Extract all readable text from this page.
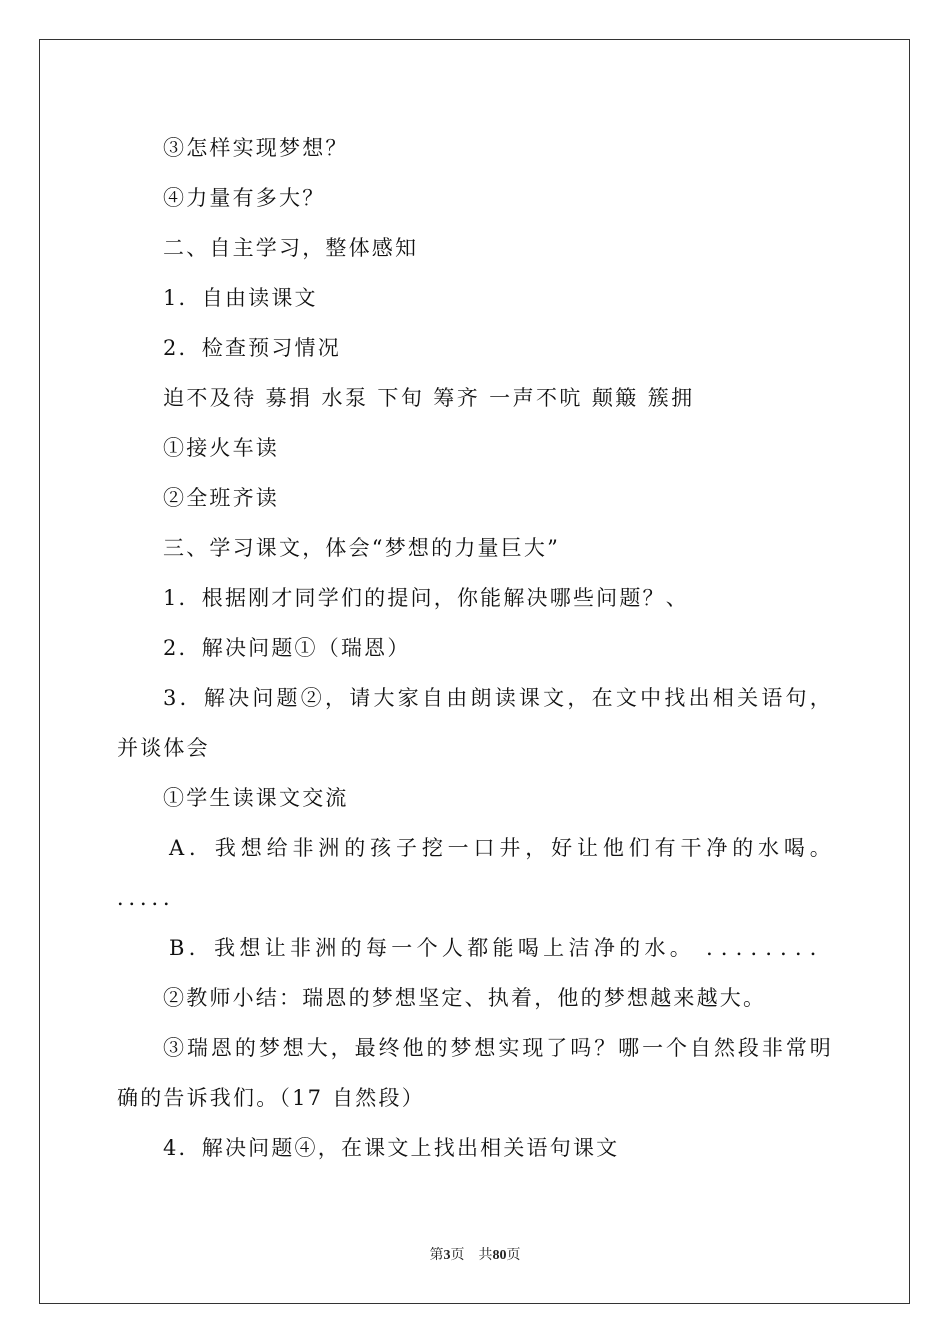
③怎样实现梦想？
④力量有多大？
二、自主学习，整体感知
1．自由读课文
2．检查预习情况
迫不及待 募捐 水泵 下旬 筹齐 一声不吭 颠簸 簇拥
①接火车读
②全班齐读
三、学习课文，体会“梦想的力量巨大”
1．根据刚才同学们的提问，你能解决哪些问题？、
2．解决问题①（瑞恩）
3．解决问题②，请大家自由朗读课文，在文中找出相关语句，
并谈体会
①学生读课文交流
A．我想给非洲的孩子挖一口井，好让他们有干净的水喝。
．．．．．
B．我想让非洲的每一个人都能喝上洁净的水。 ．．．．．．．．
②教师小结：瑞恩的梦想坚定、执着，他的梦想越来越大。
③瑞恩的梦想大，最终他的梦想实现了吗？哪一个自然段非常明
确的告诉我们。（17 自然段）
4．解决问题④，在课文上找出相关语句课文
第3页 共80页
